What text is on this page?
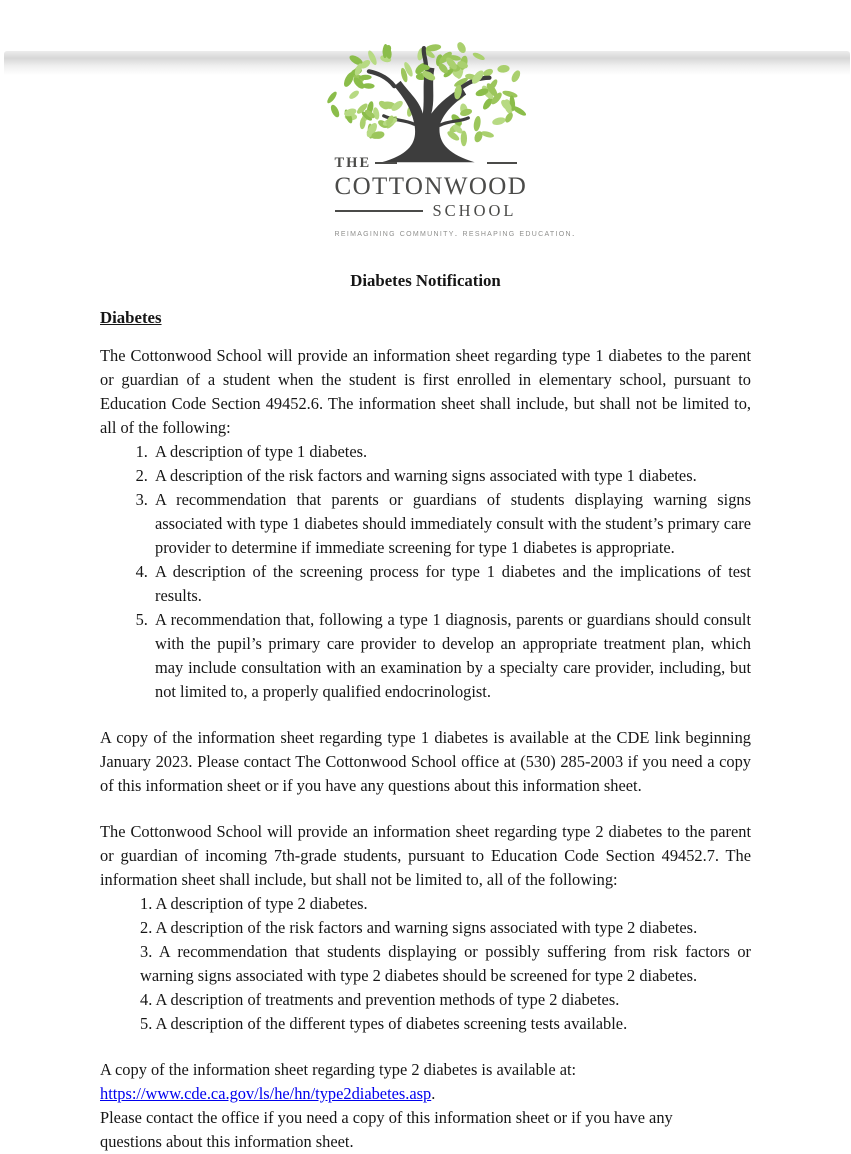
THE
COTTONWOOD
SCHOOL
reimagining community. reshaping education.

Diabetes Notification

Diabetes

The Cottonwood School will provide an information sheet regarding type 1 diabetes to the parent or guardian of a student when the student is first enrolled in elementary school, pursuant to Education Code Section 49452.6. The information sheet shall include, but shall not be limited to, all of the following:

1. A description of type 1 diabetes.
2. A description of the risk factors and warning signs associated with type 1 diabetes.
3. A recommendation that parents or guardians of students displaying warning signs associated with type 1 diabetes should immediately consult with the student’s primary care provider to determine if immediate screening for type 1 diabetes is appropriate.
4. A description of the screening process for type 1 diabetes and the implications of test results.
5. A recommendation that, following a type 1 diagnosis, parents or guardians should consult with the pupil’s primary care provider to develop an appropriate treatment plan, which may include consultation with an examination by a specialty care provider, including, but not limited to, a properly qualified endocrinologist.

A copy of the information sheet regarding type 1 diabetes is available at the CDE link beginning January 2023. Please contact The Cottonwood School office at (530) 285-2003 if you need a copy of this information sheet or if you have any questions about this information sheet.

The Cottonwood School will provide an information sheet regarding type 2 diabetes to the parent or guardian of incoming 7th-grade students, pursuant to Education Code Section 49452.7. The information sheet shall include, but shall not be limited to, all of the following:

1. A description of type 2 diabetes.

2. A description of the risk factors and warning signs associated with type 2 diabetes.

3. A recommendation that students displaying or possibly suffering from risk factors or warning signs associated with type 2 diabetes should be screened for type 2 diabetes.

4. A description of treatments and prevention methods of type 2 diabetes.

5. A description of the different types of diabetes screening tests available.

A copy of the information sheet regarding type 2 diabetes is available at:
https://www.cde.ca.gov/ls/he/hn/type2diabetes.asp.
Please contact the office if you need a copy of this information sheet or if you have any
questions about this information sheet.
